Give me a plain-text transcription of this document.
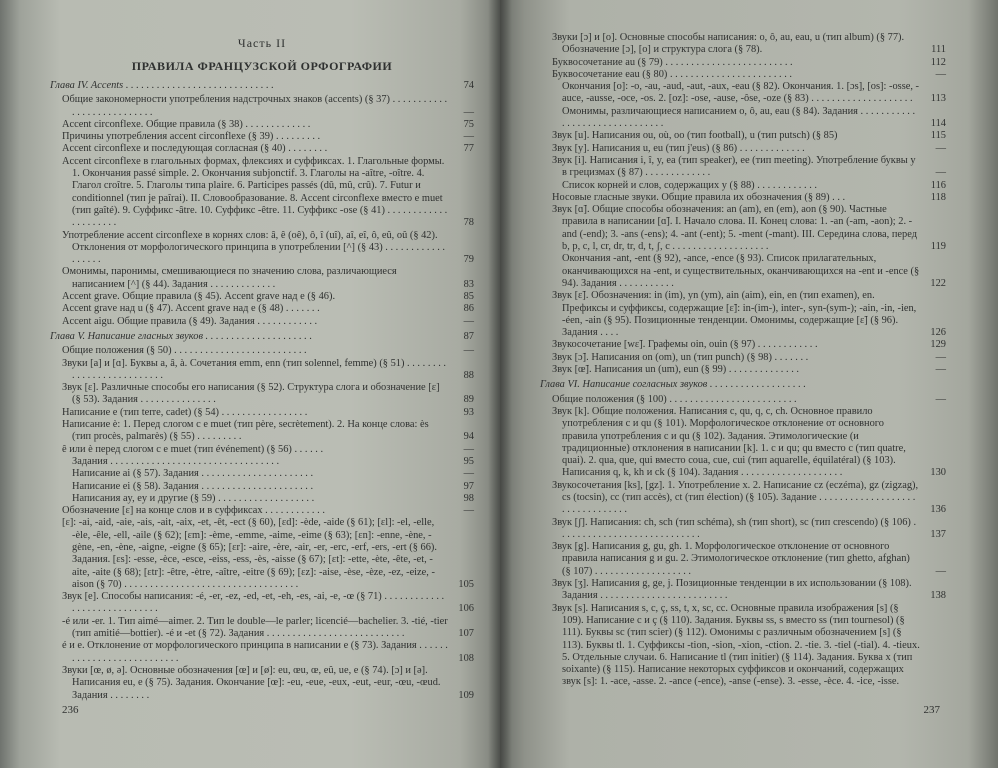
Часть II
ПРАВИЛА ФРАНЦУЗСКОЙ ОРФОГРАФИИ
Глава IV. Accents . . . . . . . . . . . . . . . . . . . . . . . . . . . . .	74
Общие закономерности употребления надстрочных знаков (accents) (§ 37) . . . . . . . . . . . . . . . . . . . . . . . . . . .	—
Accent circonflexe. Общие правила (§ 38) . . . . . . . . . . . . .	75
Причины употребления accent circonflexe (§ 39) . . . . . . . . .	—
Accent circonflexe и последующая согласная (§ 40) . . . . . . . .	77
Accent circonflexe в глагольных формах, флексиях и суффиксах. 1. Глагольные формы. 1. Окончания passé simple. 2. Окончания subjonctif. 3. Глаголы на -aître, -oître. 4. Глагол croître. 5. Глаголы типа plaire. 6. Participes passés (dû, mû, crû). 7. Futur и conditionnel (тип je paîrai). II. Словообразование. 8. Accent circonflexe вместо e muet (тип gaîté). 9. Суффикс -âtre. 10. Суффикс -être. 11. Суффикс -ose (§ 41) . . . . . . . . . . . . . . . . . . . . .	78
Употребление accent circonflexe в корнях слов: â, ê (oê), ô, î (uî), aî, eî, ô, eû, oû (§ 42). Отклонения от морфологического принципа в употреблении [^] (§ 43) . . . . . . . . . . . . . . . . . .	79
Омонимы, паронимы, смешивающиеся по значению слова, различающиеся написанием [^] (§ 44). Задания . . . . . . . . . . . . .	83
Accent grave. Общие правила (§ 45). Accent grave над e (§ 46).	85
Accent grave над u (§ 47). Accent grave над e (§ 48) . . . . . . .	86
Accent aigu. Общие правила (§ 49). Задания . . . . . . . . . . . .	—
Глава V. Написание гласных звуков . . . . . . . . . . . . . . . . . . . . .	87
Общие положения (§ 50) . . . . . . . . . . . . . . . . . . . . . . . . . .	—
Звуки [a] и [ɑ]. Буквы a, â, à. Сочетания emm, enn (тип solennel, femme) (§ 51) . . . . . . . . . . . . . . . . . . . . . . . . . .	88
Звук [ɛ]. Различные способы его написания (§ 52). Структура слога и обозначение [ɛ] (§ 53). Задания . . . . . . . . . . . . . . .	89
Написание e (тип terre, cadet) (§ 54) . . . . . . . . . . . . . . . . .	93
Написание è: 1. Перед слогом с e muet (тип père, secrètement). 2. На конце слова: ès (тип procès, palmarès) (§ 55) . . . . . . . . .	94
ê или è перед слогом с e muet (тип événement) (§ 56) . . . . . .	—
Задания . . . . . . . . . . . . . . . . . . . . . . . . . . . . . . . . .	95
Написание ai (§ 57). Задания . . . . . . . . . . . . . . . . . . . . . .	—
Написание ei (§ 58). Задания . . . . . . . . . . . . . . . . . . . . . .	97
Написания ay, ey и другие (§ 59) . . . . . . . . . . . . . . . . . . .	98
Обозначение [ɛ] на конце слов и в суффиксах . . . . . . . . . . . .	—
[ɛ]: -ai, -aid, -aie, -ais, -ait, -aix, -et, -êt, -ect (§ 60), [ɛd]: -ède, -aide (§ 61); [ɛl]: -el, -elle, -èle, -êle, -ell, -aile (§ 62); [ɛm]: -ème, -emme, -aime, -eime (§ 63); [ɛn]: -enne, -ène, -gène, -en, -ène, -aigne, -eigne (§ 65); [ɛr]: -aire, -ère, -air, -er, -erc, -erf, -ers, -ert (§ 66). Задания. [ɛs]: -esse, -èce, -esce, -eiss, -ess, -ès, -aisse (§ 67); [ɛt]: -ette, -ète, -ête, -et, -aite, -aite (§ 68); [ɛtr]: -être, -ètre, -aître, -eitre (§ 69); [ɛz]: -aise, -èse, -èze, -ez, -eize, -aison (§ 70) . . . . . . . . . . . . . . . . . . . . . . . . . . . . . . . . . .	105
Звук [e]. Способы написания: -é, -er, -ez, -ed, -et, -eh, -es, -ai, -e, -œ (§ 71) . . . . . . . . . . . . . . . . . . . . . . . . . . . . .	106
-é или -er. 1. Тип aimé—aimer. 2. Тип le double—le parler; licencié—bachelier. 3. -tié, -tier (тип amitié—bottier). -é и -et (§ 72). Задания . . . . . . . . . . . . . . . . . . . . . . . . . . .	107
é и e. Отклонение от морфологического принципа в написании e (§ 73). Задания . . . . . . . . . . . . . . . . . . . . . . . . . . .	108
Звуки [œ, ø, ə]. Основные обозначения [œ] и [ø]: eu, œu, œ, eû, ue, e (§ 74). [ɔ] и [ə]. Написания eu, e (§ 75). Задания. Окончание [œ]: -eu, -eue, -eux, -eut, -eur, -œu, -œud. Задания . . . . . . . .	109
236
Звуки [ɔ] и [o]. Основные способы написания: o, ô, au, eau, u (тип album) (§ 77). Обозначение [ɔ], [o] и структура слога (§ 78).	111
Буквосочетание au (§ 79) . . . . . . . . . . . . . . . . . . . . . . . . .	112
Буквосочетание eau (§ 80) . . . . . . . . . . . . . . . . . . . . . . . .	—
Окончания [o]: -o, -au, -aud, -aut, -aux, -eau (§ 82). Окончания. 1. [ɔs], [os]: -osse, -auce, -ausse, -oce, -os. 2. [oz]: -ose, -ause, -ôse, -oze (§ 83) . . . . . . . . . . . . . . . . . . . .	113
Омонимы, различающиеся написанием o, ô, au, eau (§ 84). Задания . . . . . . . . . . . . . . . . . . . . . . . . . . . . . . .	114
Звук [u]. Написания ou, où, oo (тип football), u (тип putsch) (§ 85)	115
Звук [y]. Написания u, eu (тип j'eus) (§ 86) . . . . . . . . . . . . .	—
Звук [i]. Написания i, î, y, ea (тип speaker), ee (тип meeting). Употребление буквы y в грецизмах (§ 87) . . . . . . . . . . . . .	—
Список корней и слов, содержащих y (§ 88) . . . . . . . . . . . .	116
Носовые гласные звуки. Общие правила их обозначения (§ 89) . . .	118
Звук [ɑ̃]. Общие способы обозначения: an (am), en (em), aon (§ 90). Частные правила в написании [ɑ̃]. I. Начало слова. II. Конец слова: 1. -an (-am, -aon); 2. -and (-end); 3. -ans (-ens); 4. -ant (-ent); 5. -ment (-mant). III. Середина слова, перед b, p, c, l, cr, dr, tr, d, t, ʃ, c . . . . . . . . . . . . . . . . . . .	119
Окончания -ant, -ent (§ 92), -ance, -ence (§ 93). Список прилагательных, оканчивающихся на -ent, и существительных, оканчивающихся на -ent и -ence (§ 94). Задания . . . . . . . . . . .	122
Звук [ɛ̃]. Обозначения: in (im), yn (ym), ain (aim), ein, en (тип examen), en. Префиксы и суффиксы, содержащие [ɛ̃]: in-(im-), inter-, syn-(sym-); -ain, -in, -ien, -éen, -ain (§ 95). Позиционные тенденции. Омонимы, содержащие [ɛ̃] (§ 96). Задания . . . .	126
Звукосочетание [wɛ̃]. Графемы oin, ouin (§ 97) . . . . . . . . . . . .	129
Звук [ɔ̃]. Написания on (om), un (тип punch) (§ 98) . . . . . . .	—
Звук [œ̃]. Написания un (um), eun (§ 99) . . . . . . . . . . . . . .	—
Глава VI. Написание согласных звуков . . . . . . . . . . . . . . . . . . .
Общие положения (§ 100) . . . . . . . . . . . . . . . . . . . . . . . . .	—
Звук [k]. Общие положения. Написания c, qu, q, c, ch. Основное правило употребления c и qu (§ 101). Морфологическое отклонение от основного правила употребления c и qu (§ 102). Задания. Этимологические (и традиционные) отклонения в написании [k]. 1. c и qu; qu вместо c (тип quatre, quai). 2. qua, que, qui вместо coua, cue, cui (тип aquarelle, équilatéral) (§ 103). Написания q, k, kh и ck (§ 104). Задания . . . . . . . . . . . . . . . . . . . .	130
Звукосочетания [ks], [gz]. 1. Употребление x. 2. Написание cz (eczéma), gz (zigzag), cs (tocsin), cc (тип accès), ct (тип élection) (§ 105). Задание . . . . . . . . . . . . . . . . . . . . . . . . . . . . . . . .	136
Звук [ʃ]. Написания: ch, sch (тип schéma), sh (тип short), sc (тип crescendo) (§ 106) . . . . . . . . . . . . . . . . . . . . . . . . . . . .	137
Звук [g]. Написания g, gu, gh. 1. Морфологическое отклонение от основного правила написания g и gu. 2. Этимологическое отклонение (тип ghetto, afghan) (§ 107) . . . . . . . . . . . . . . . . . . .	—
Звук [ʒ]. Написания g, ge, j. Позиционные тенденции в их использовании (§ 108). Задания . . . . . . . . . . . . . . . . . . . . . . . . .	138
Звук [s]. Написания s, c, ç, ss, t, x, sc, cc. Основные правила изображения [s] (§ 109). Написание c и ç (§ 110). Задания. Буквы ss, s вместо ss (тип tournesol) (§ 111). Буквы sc (тип scier) (§ 112). Омонимы с различным обозначением [s] (§ 113). Буквы tl. 1. Суффиксы -tion, -sion, -xion, -ction. 2. -tie. 3. -tiel (-tial). 4. -tieux. 5. Отдельные случаи. 6. Написание tl (тип initier) (§ 114). Задания. Буква x (тип soixante) (§ 115). Написание некоторых суффиксов и окончаний, содержащих звук [s]: 1. -ace, -asse. 2. -ance (-ence), -anse (-ense). 3. -esse, -èce. 4. -ice, -isse.
237
